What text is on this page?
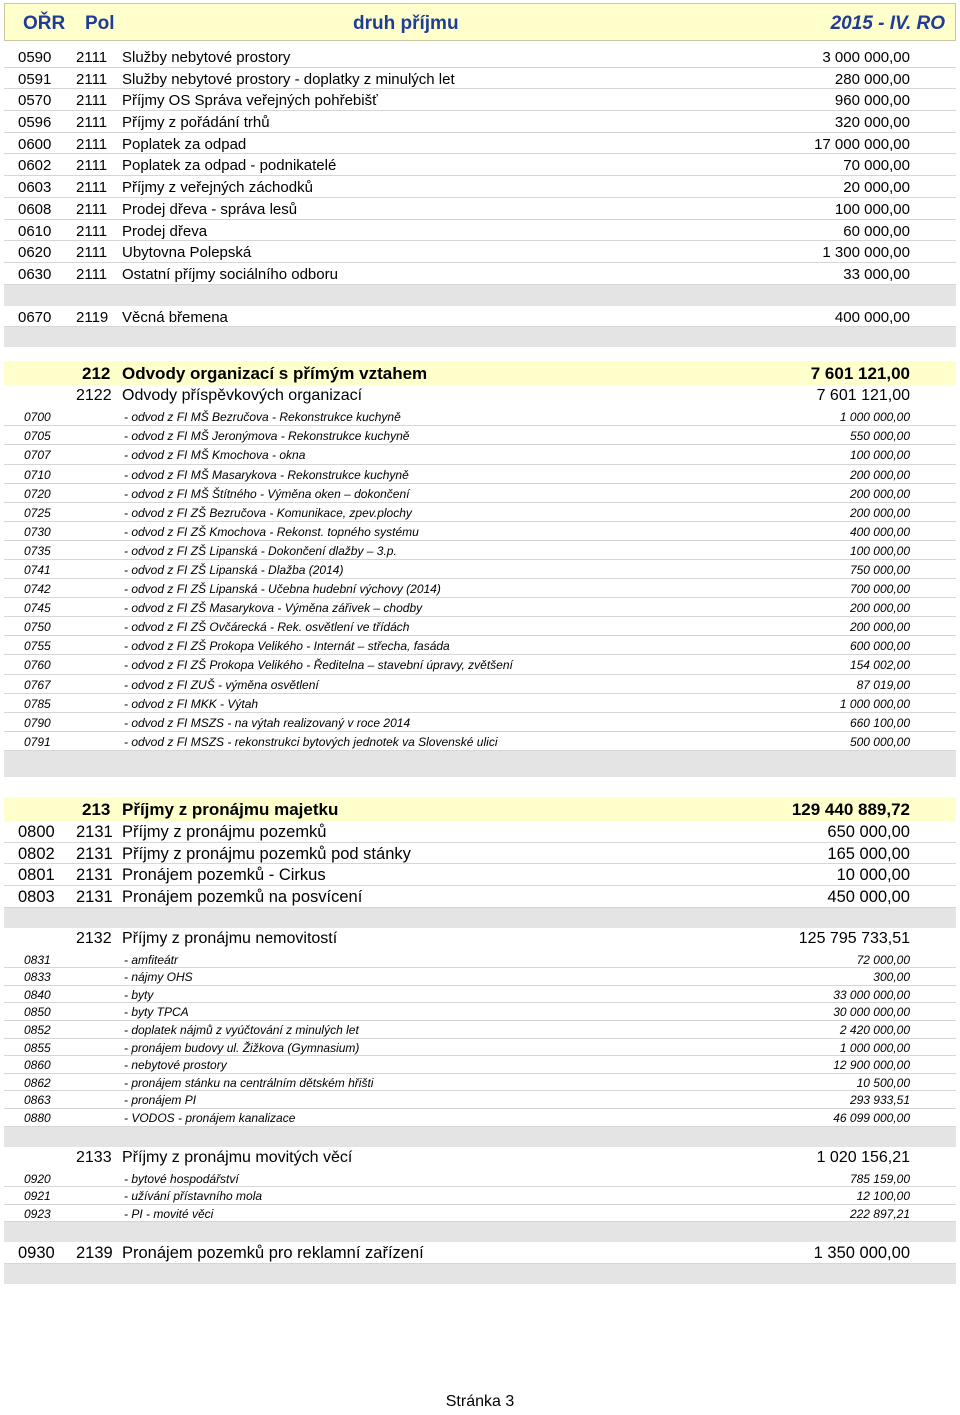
OŘR Pol	druh příjmu	2015 - IV. RO
0590 2111 Služby nebytové prostory	3 000 000,00
0591 2111 Služby nebytové prostory - doplatky z minulých let	280 000,00
0570 2111 Příjmy OS Správa veřejných pohřebišť	960 000,00
0596 2111 Příjmy z pořádání trhů	320 000,00
0600 2111 Poplatek za odpad	17 000 000,00
0602 2111 Poplatek za odpad - podnikatelé	70 000,00
0603 2111 Příjmy z veřejných záchodků	20 000,00
0608 2111 Prodej dřeva - správa lesů	100 000,00
0610 2111 Prodej dřeva	60 000,00
0620 2111 Ubytovna Polepská	1 300 000,00
0630 2111 Ostatní příjmy sociálního odboru	33 000,00
0670 2119 Věcná břemena	400 000,00
212 Odvody organizací s přímým vztahem	7 601 121,00
2122 Odvody příspěvkových organizací	7 601 121,00
0700	- odvod z FI MŠ Bezručova - Rekonstrukce kuchyně	1 000 000,00
0705	- odvod z FI MŠ Jeronýmova - Rekonstrukce kuchyně	550 000,00
0707	- odvod z FI MŠ Kmochova - okna	100 000,00
0710	- odvod z FI MŠ Masarykova - Rekonstrukce kuchyně	200 000,00
0720	- odvod z FI MŠ Štítného - Výměna oken – dokončení	200 000,00
0725	- odvod z FI ZŠ Bezručova - Komunikace, zpev.plochy	200 000,00
0730	- odvod z FI ZŠ Kmochova - Rekonst. topného systému	400 000,00
0735	- odvod z FI ZŠ Lipanská - Dokončení dlažby – 3.p.	100 000,00
0741	- odvod z FI ZŠ Lipanská - Dlažba (2014)	750 000,00
0742	- odvod z FI ZŠ Lipanská - Učebna hudební výchovy (2014)	700 000,00
0745	- odvod z FI ZŠ Masarykova - Výměna zářivek – chodby	200 000,00
0750	- odvod z FI ZŠ Ovčárecká - Rek. osvětlení ve třídách	200 000,00
0755	- odvod z FI ZŠ Prokopa Velikého - Internát – střecha, fasáda	600 000,00
0760	- odvod z FI ZŠ Prokopa Velikého - Ředitelna – stavební úpravy, zvětšení	154 002,00
0767	- odvod z FI ZUŠ - výměna osvětlení	87 019,00
0785	- odvod z FI MKK - Výtah	1 000 000,00
0790	- odvod z FI MSZS - na výtah realizovaný v roce 2014	660 100,00
0791	- odvod z FI MSZS - rekonstrukci bytových jednotek va Slovenské ulici	500 000,00
213 Příjmy z pronájmu majetku	129 440 889,72
0800 2131 Příjmy z pronájmu pozemků	650 000,00
0802 2131 Příjmy z pronájmu pozemků pod stánky	165 000,00
0801 2131 Pronájem pozemků - Cirkus	10 000,00
0803 2131 Pronájem pozemků na posvícení	450 000,00
2132 Příjmy z pronájmu nemovitostí	125 795 733,51
0831	- amfiteátr	72 000,00
0833	- nájmy OHS	300,00
0840	- byty	33 000 000,00
0850	- byty TPCA	30 000 000,00
0852	- doplatek nájmů z vyúčtování z minulých let	2 420 000,00
0855	- pronájem budovy ul. Žižkova (Gymnasium)	1 000 000,00
0860	- nebytové prostory	12 900 000,00
0862	- pronájem stánku na centrálním dětském hřišti	10 500,00
0863	- pronájem PI	293 933,51
0880	- VODOS - pronájem kanalizace	46 099 000,00
2133 Příjmy z pronájmu movitých věcí	1 020 156,21
0920	- bytové hospodářství	785 159,00
0921	- užívání přístavního mola	12 100,00
0923	- PI - movité věci	222 897,21
0930 2139 Pronájem pozemků pro reklamní zařízení	1 350 000,00
Stránka 3
